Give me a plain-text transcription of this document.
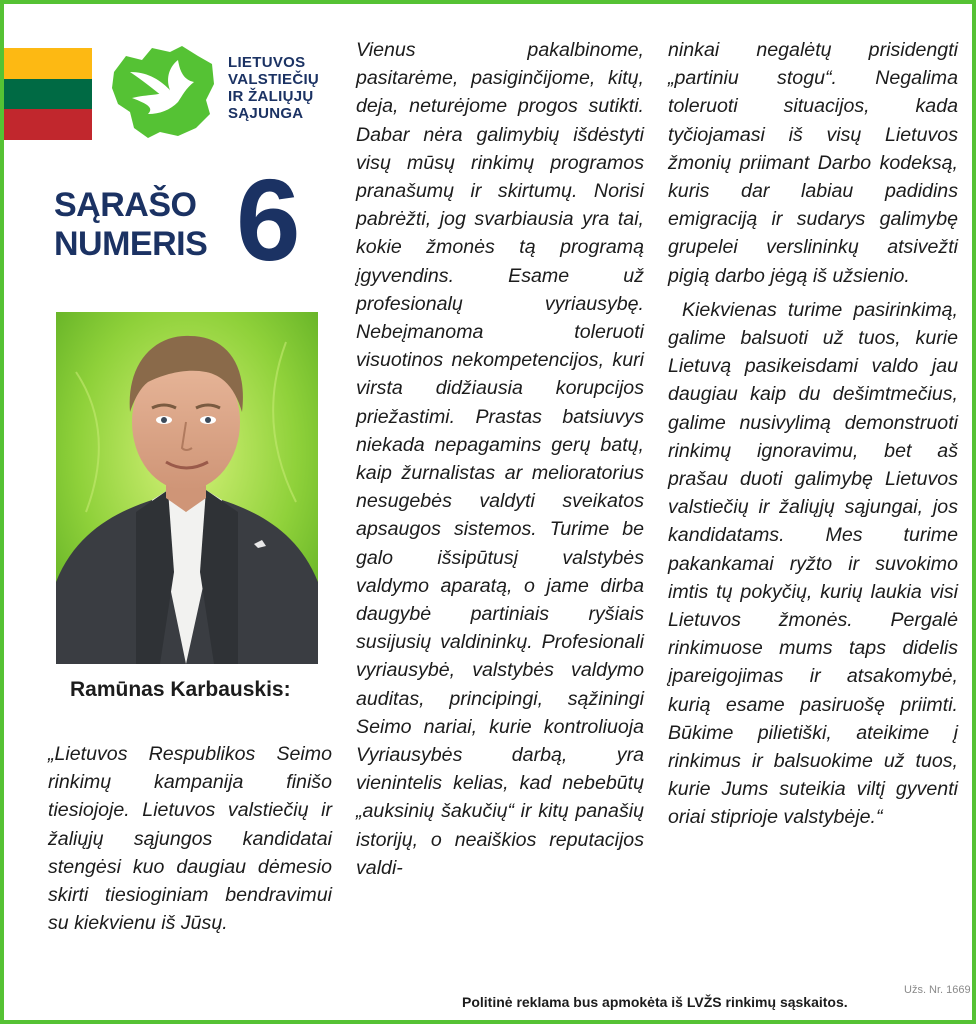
LIETUVOS
VALSTIEČIŲ
IR ŽALIŲJŲ
SĄJUNGA
SĄRAŠO
NUMERIS 6
Ramūnas Karbauskis:

„Lietuvos Respublikos Seimo rinkimų kampanija finišo tiesiojoje. Lietuvos valstiečių ir žaliųjų sąjungos kandidatai stengėsi kuo daugiau dėmesio skirti tiesioginiam bendravimui su kiekvienu iš Jūsų.

Vienus pakalbinome, pasitarėme, pasiginčijome, kitų, deja, neturėjome progos sutikti. Dabar nėra galimybių išdėstyti visų mūsų rinkimų programos pranašumų ir skirtumų. Norisi pabrėžti, jog svarbiausia yra tai, kokie žmonės tą programą įgyvendins. Esame už profesionalų vyriausybę. Nebeįmanoma toleruoti visuotinos nekompetencijos, kuri virsta didžiausia korupcijos priežastimi. Prastas batsiuvys niekada nepagamins gerų batų, kaip žurnalistas ar melioratorius nesugebės valdyti sveikatos apsaugos sistemos. Turime be galo išsipūtusį valstybės valdymo aparatą, o jame dirba daugybė partiniais ryšiais susijusių valdininkų. Profesionali vyriausybė, valstybės valdymo auditas, principingi, sąžiningi Seimo nariai, kurie kontroliuoja Vyriausybės darbą, yra vienintelis kelias, kad nebebūtų „auksinių šakučių“ ir kitų panašių istorijų, o neaiškios reputacijos valdi-

ninkai negalėtų prisidengti „partiniu stogu“. Negalima toleruoti situacijos, kada tyčiojamasi iš visų Lietuvos žmonių priimant Darbo kodeksą, kuris dar labiau padidins emigraciją ir sudarys galimybę grupelei verslininkų atsivežti pigią darbo jėgą iš užsienio.

Kiekvienas turime pasirinkimą, galime balsuoti už tuos, kurie Lietuvą pasikeisdami valdo jau daugiau kaip du dešimtmečius, galime nusivylimą demonstruoti rinkimų ignoravimu, bet aš prašau duoti galimybę Lietuvos valstiečių ir žaliųjų sąjungai, jos kandidatams. Mes turime pakankamai ryžto ir suvokimo imtis tų pokyčių, kurių laukia visi Lietuvos žmonės. Pergalė rinkimuose mums taps didelis įpareigojimas ir atsakomybė, kurią esame pasiruošę priimti. Būkime pilietiški, ateikime į rinkimus ir balsuokime už tuos, kurie Jums suteikia viltį gyventi oriai stiprioje valstybėje.“

Užs. Nr. 1669
Politinė reklama bus apmokėta iš LVŽS rinkimų sąskaitos.
